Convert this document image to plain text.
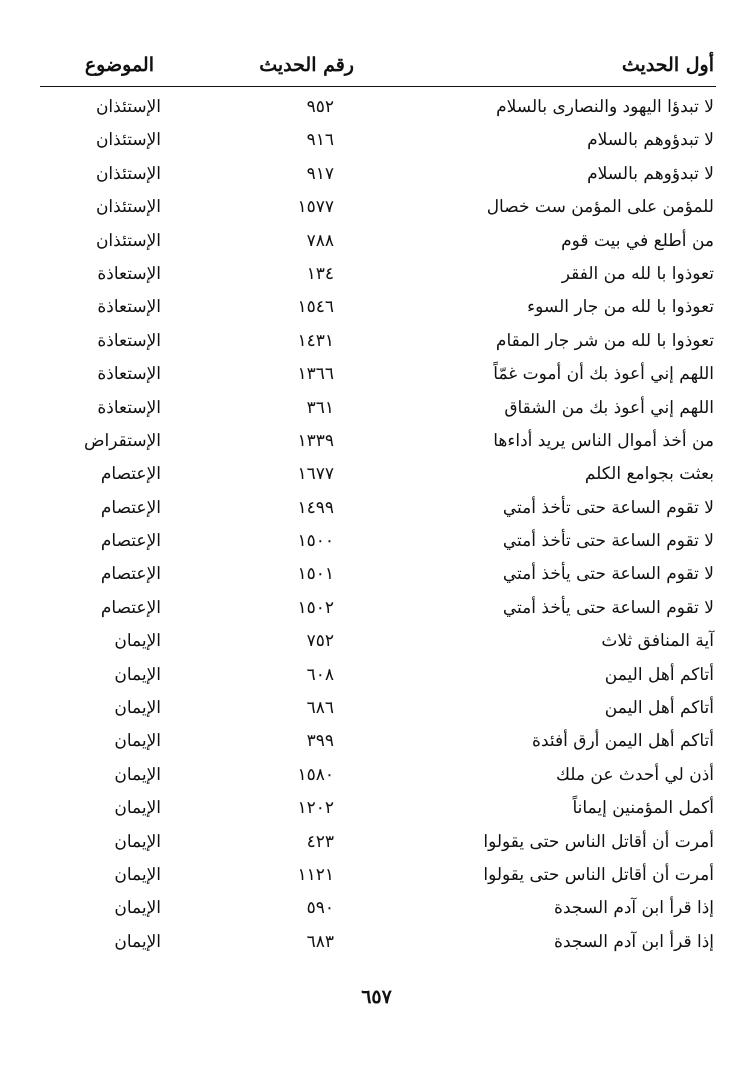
أول الحديث
رقم الحديث
الموضوع
لا تبدؤا اليهود والنصارى بالسلام
٩٥٢
الإستئذان
لا تبدؤوهم بالسلام
٩١٦
الإستئذان
لا تبدؤوهم بالسلام
٩١٧
الإستئذان
للمؤمن على المؤمن ست خصال
١٥٧٧
الإستئذان
من أطلع في بيت قوم
٧٨٨
الإستئذان
تعوذوا با لله من الفقر
١٣٤
الإستعاذة
تعوذوا با لله من جار السوء
١٥٤٦
الإستعاذة
تعوذوا با لله من شر جار المقام
١٤٣١
الإستعاذة
اللهم إني أعوذ بك أن أموت غمّاً
١٣٦٦
الإستعاذة
اللهم إني أعوذ بك من الشقاق
٣٦١
الإستعاذة
من أخذ أموال الناس يريد أداءها
١٣٣٩
الإستقراض
بعثت بجوامع الكلم
١٦٧٧
الإعتصام
لا تقوم الساعة حتى تأخذ أمتي
١٤٩٩
الإعتصام
لا تقوم الساعة حتى تأخذ أمتي
١٥٠٠
الإعتصام
لا تقوم الساعة حتى يأخذ أمتي
١٥٠١
الإعتصام
لا تقوم الساعة حتى يأخذ أمتي
١٥٠٢
الإعتصام
آية المنافق ثلاث
٧٥٢
الإيمان
أتاكم أهل اليمن
٦٠٨
الإيمان
أتاكم أهل اليمن
٦٨٦
الإيمان
أتاكم أهل اليمن أرق أفئدة
٣٩٩
الإيمان
أذن لي أحدث عن ملك
١٥٨٠
الإيمان
أكمل المؤمنين إيماناً
١٢٠٢
الإيمان
أمرت أن أقاتل الناس حتى يقولوا
٤٢٣
الإيمان
أمرت أن أقاتل الناس حتى يقولوا
١١٢١
الإيمان
إذا قرأ ابن آدم السجدة
٥٩٠
الإيمان
إذا قرأ ابن آدم السجدة
٦٨٣
الإيمان
٦٥٧
